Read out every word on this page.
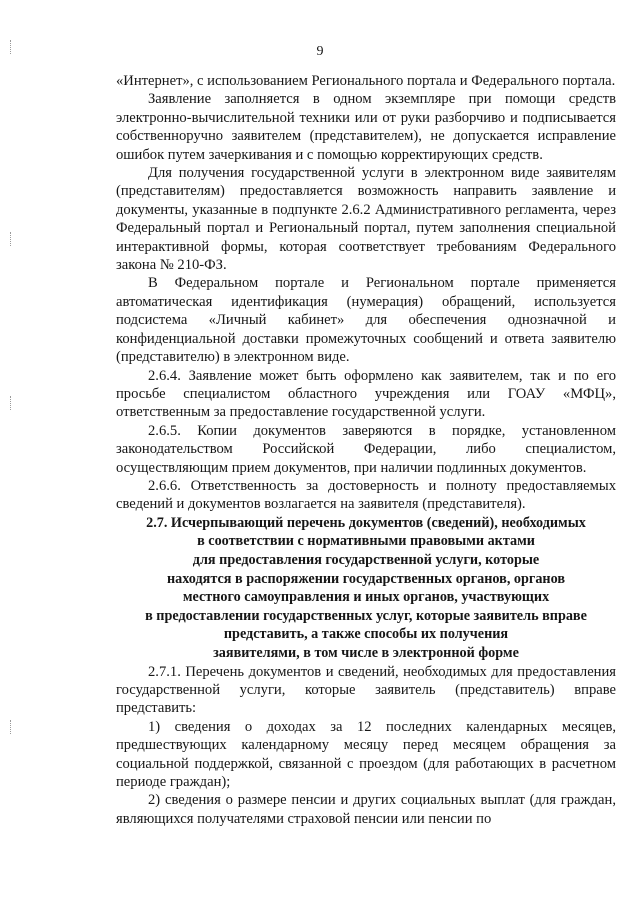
9

«Интернет», с использованием Регионального портала и Федерального портала.

Заявление заполняется в одном экземпляре при помощи средств электронно-вычислительной техники или от руки разборчиво и подписывается собственноручно заявителем (представителем), не допускается исправление ошибок путем зачеркивания и с помощью корректирующих средств.

Для получения государственной услуги в электронном виде заявителям (представителям) предоставляется возможность направить заявление и документы, указанные в подпункте 2.6.2 Административного регламента, через Федеральный портал и Региональный портал, путем заполнения специальной интерактивной формы, которая соответствует требованиям Федерального закона № 210-ФЗ.

В Федеральном портале и Региональном портале применяется автоматическая идентификация (нумерация) обращений, используется подсистема «Личный кабинет» для обеспечения однозначной и конфиденциальной доставки промежуточных сообщений и ответа заявителю (представителю) в электронном виде.

2.6.4. Заявление может быть оформлено как заявителем, так и по его просьбе специалистом областного учреждения или ГОАУ «МФЦ», ответственным за предоставление государственной услуги.

2.6.5. Копии документов заверяются в порядке, установленном законодательством Российской Федерации, либо специалистом, осуществляющим прием документов, при наличии подлинных документов.

2.6.6. Ответственность за достоверность и полноту предоставляемых сведений и документов возлагается на заявителя (представителя).

2.7. Исчерпывающий перечень документов (сведений), необходимых
в соответствии с нормативными правовыми актами
для предоставления государственной услуги, которые
находятся в распоряжении государственных органов, органов
местного самоуправления и иных органов, участвующих
в предоставлении государственных услуг, которые заявитель вправе
представить, а также способы их получения
заявителями, в том числе в электронной форме

2.7.1. Перечень документов и сведений, необходимых для предоставления государственной услуги, которые заявитель (представитель) вправе представить:

1) сведения о доходах за 12 последних календарных месяцев, предшествующих календарному месяцу перед месяцем обращения за социальной поддержкой, связанной с проездом (для работающих в расчетном периоде граждан);

2) сведения о размере пенсии и других социальных выплат (для граждан, являющихся получателями страховой пенсии или пенсии по
